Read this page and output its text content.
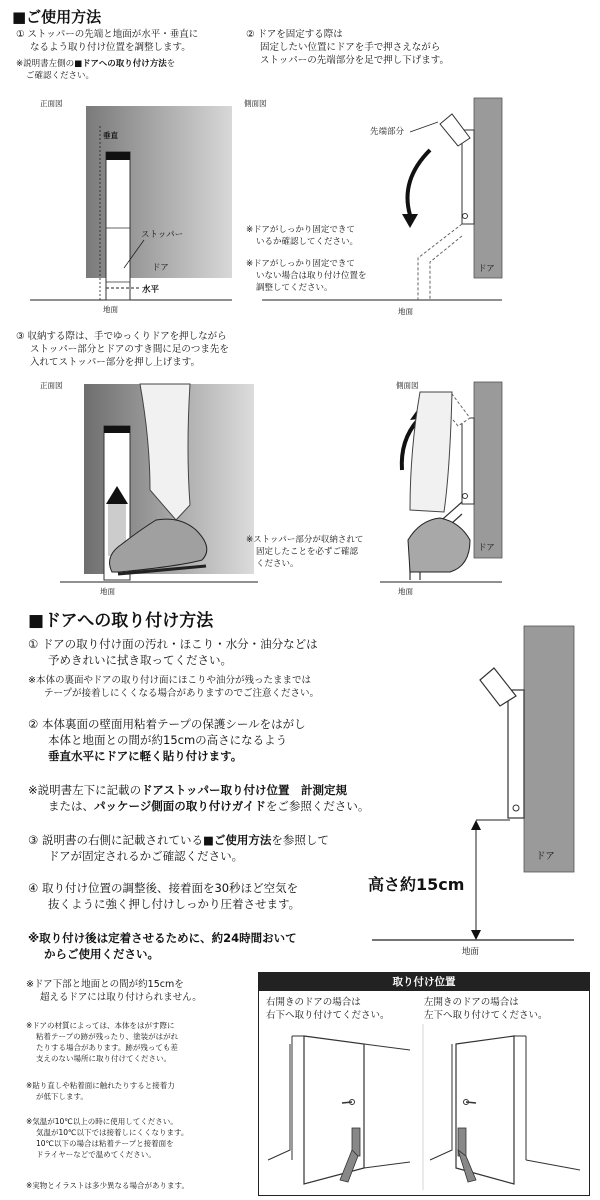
■ご使用方法
① ストッパーの先端と地面が水平・垂直に
なるよう取り付け位置を調整します。
※説明書左側の■ドアへの取り付け方法を
ご確認ください。
② ドアを固定する際は
固定したい位置にドアを手で押さえながら
ストッパーの先端部分を足で押し下げます。
正面図
垂直
ストッパー
ドア
水平
地面
側面図
先端部分
※ドアがしっかり固定できて
いるか確認してください。
※ドアがしっかり固定できて
いない場合は取り付け位置を
調整してください。
ドア
地面
③ 収納する際は、手でゆっくりドアを押しながら
ストッパー部分とドアのすき間に足のつま先を
入れてストッパー部分を押し上げます。
正面図
地面
側面図
※ストッパー部分が収納されて
固定したことを必ずご確認
ください。
ドア
地面
■ドアへの取り付け方法
① ドアの取り付け面の汚れ・ほこり・水分・油分などは
予めきれいに拭き取ってください。
※本体の裏面やドアの取り付け面にほこりや油分が残ったままでは
テープが接着しにくくなる場合がありますのでご注意ください。
② 本体裏面の壁面用粘着テープの保護シールをはがし
本体と地面との間が約15cmの高さになるよう
垂直水平にドアに軽く貼り付けます。
※説明書左下に記載のドアストッパー取り付け位置　計測定規
または、パッケージ側面の取り付けガイドをご参照ください。
③ 説明書の右側に記載されている■ご使用方法を参照して
ドアが固定されるかご確認ください。
④ 取り付け位置の調整後、接着面を30秒ほど空気を
抜くように強く押し付けしっかり圧着させます。
※取り付け後は定着させるために、約24時間おいて
からご使用ください。
高さ約15cm
ドア
地面
※ドア下部と地面との間が約15cmを
超えるドアには取り付けられません。
※ドアの材質によっては、本体をはがす際に
粘着テープの跡が残ったり、塗装がはがれ
たりする場合があります。跡が残っても差
支えのない場所に取り付けてください。
※貼り直しや粘着面に触れたりすると接着力
が低下します。
※気温が10℃以上の時に使用してください。
気温が10℃以下では接着しにくくなります。
10℃以下の場合は粘着テープと接着面を
ドライヤーなどで温めてください。
※実物とイラストは多少異なる場合があります。
取り付け位置
右開きのドアの場合は
右下へ取り付けてください。
左開きのドアの場合は
左下へ取り付けてください。
